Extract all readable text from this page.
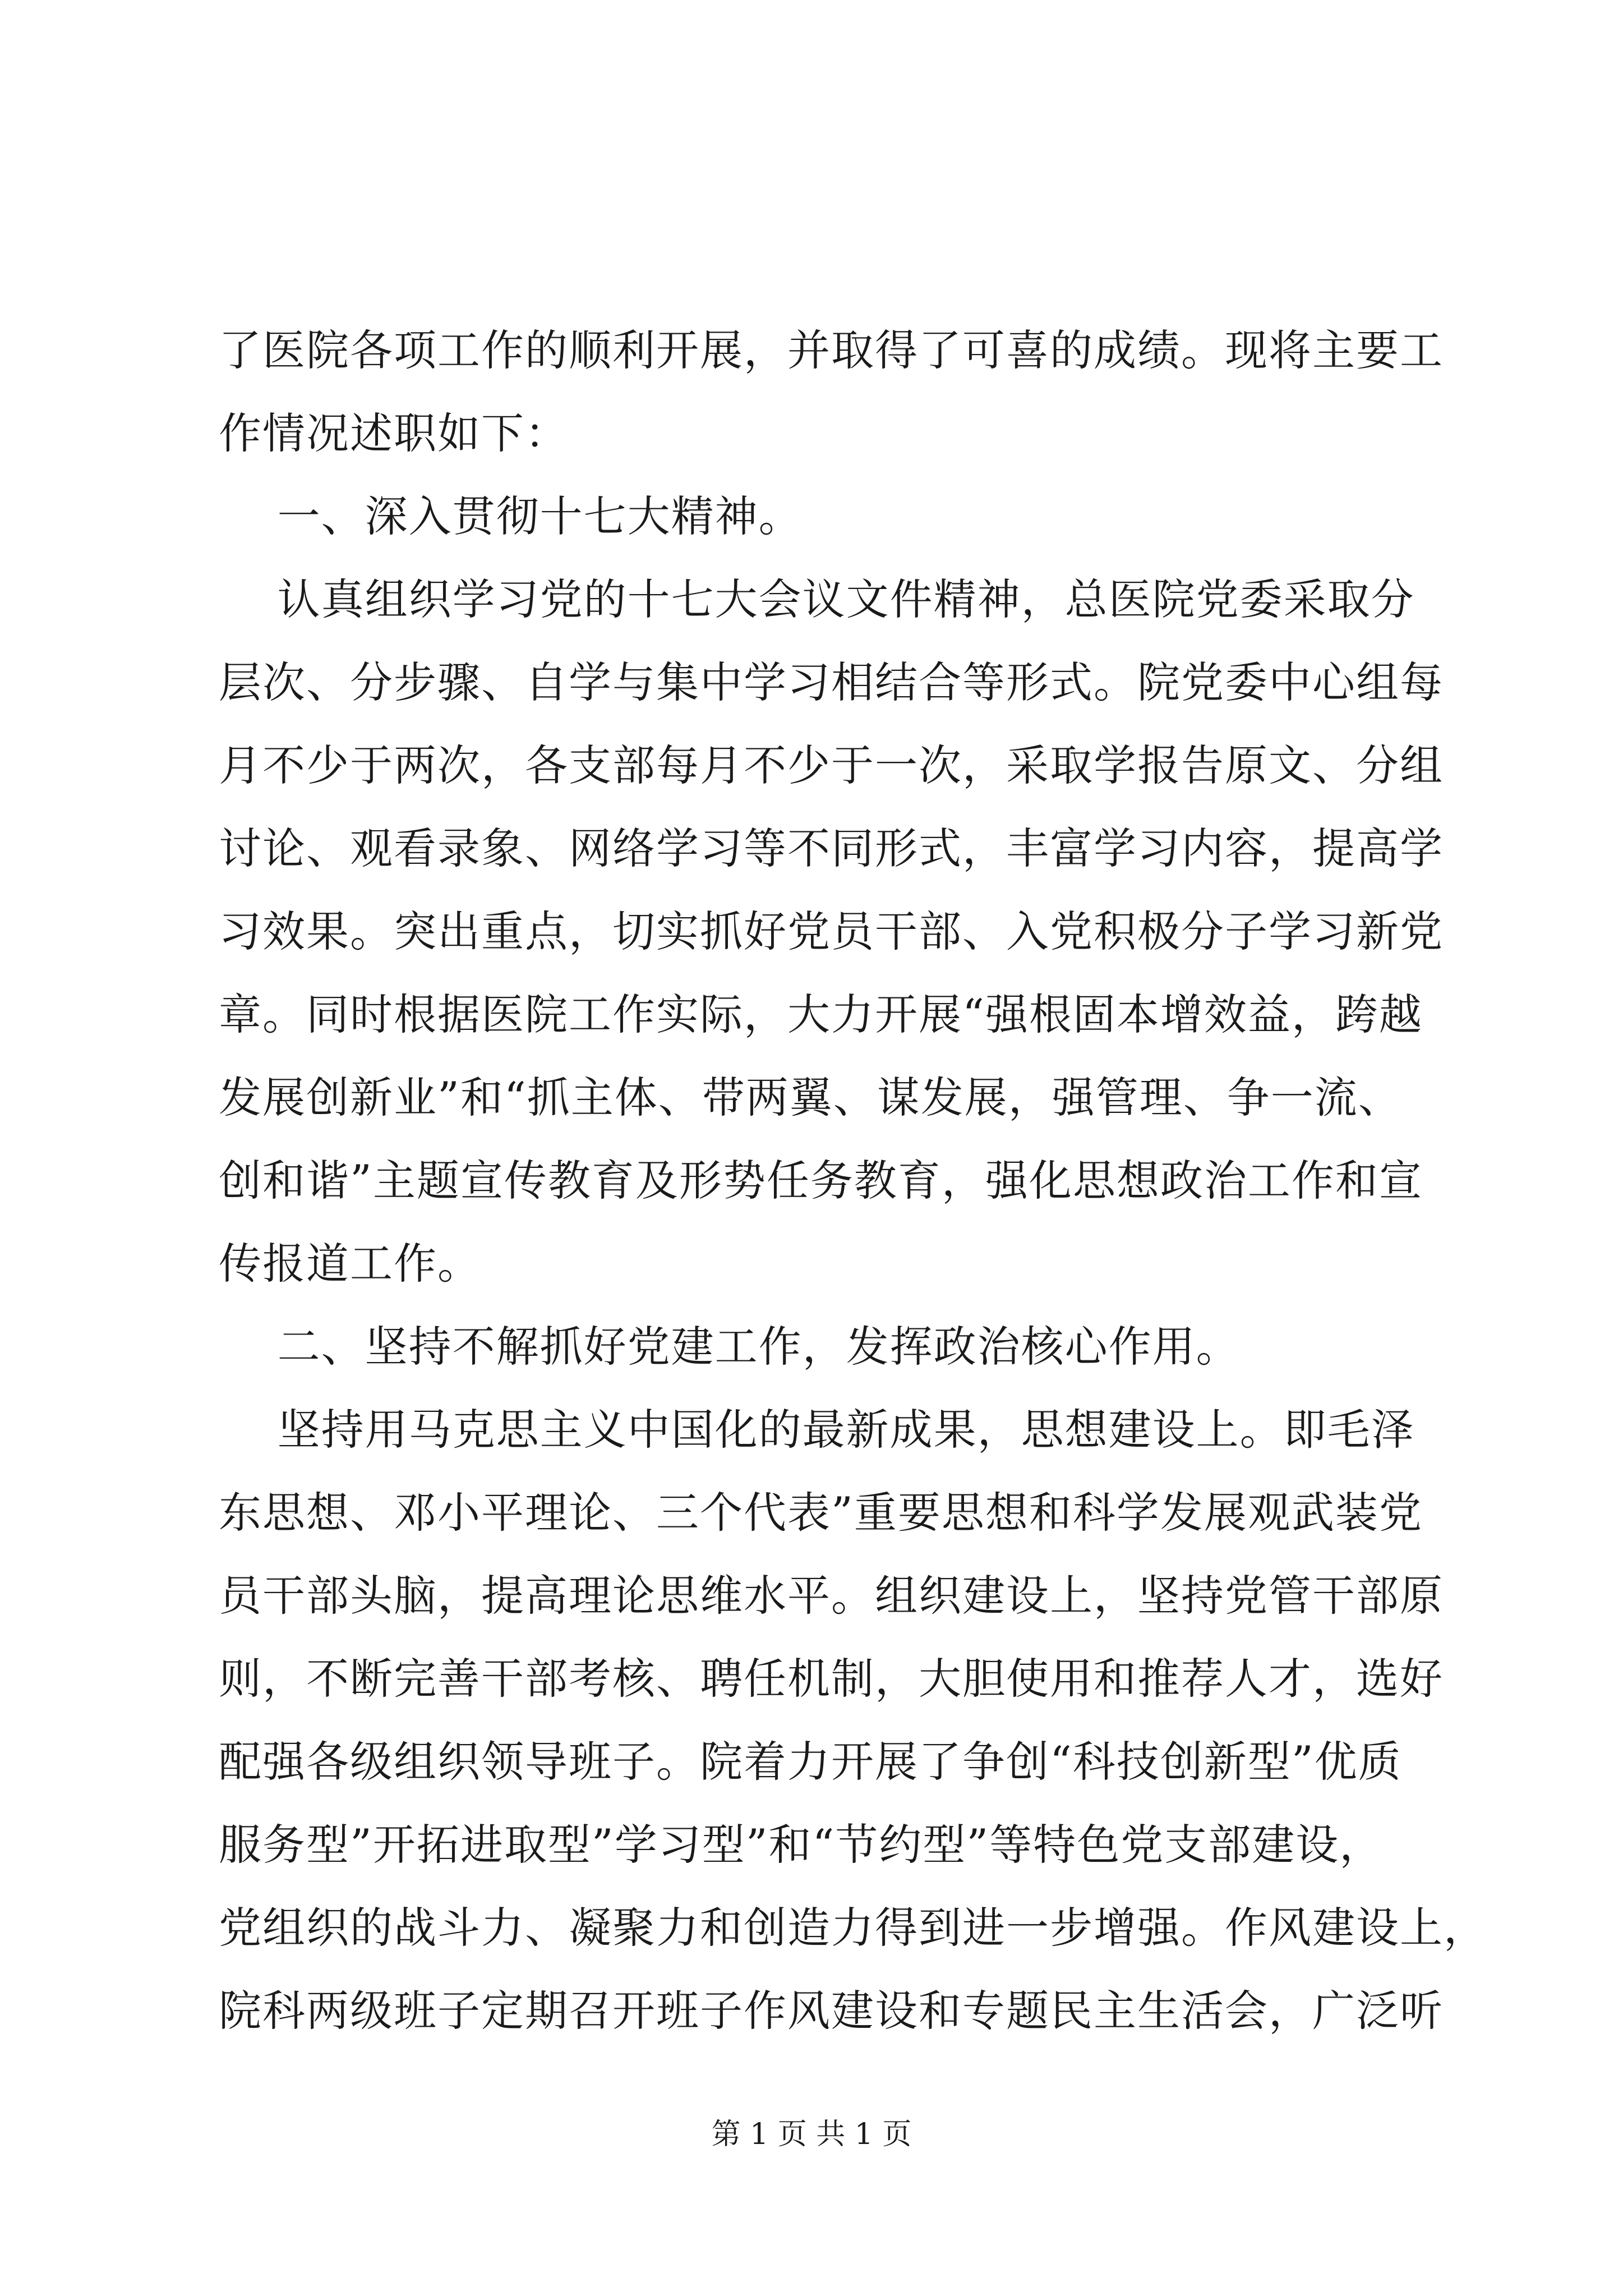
了医院各项工作的顺利开展，并取得了可喜的成绩。现将主要工
作情况述职如下：
一、深入贯彻十七大精神。
认真组织学习党的十七大会议文件精神，总医院党委采取分
层次、分步骤、自学与集中学习相结合等形式。院党委中心组每
月不少于两次，各支部每月不少于一次，采取学报告原文、分组
讨论、观看录象、网络学习等不同形式，丰富学习内容，提高学
习效果。突出重点，切实抓好党员干部、入党积极分子学习新党
章。同时根据医院工作实际，大力开展“强根固本增效益，跨越
发展创新业”和“抓主体、带两翼、谋发展，强管理、争一流、
创和谐”主题宣传教育及形势任务教育，强化思想政治工作和宣
传报道工作。
二、坚持不解抓好党建工作，发挥政治核心作用。
坚持用马克思主义中国化的最新成果，思想建设上。即毛泽
东思想、邓小平理论、三个代表”重要思想和科学发展观武装党
员干部头脑，提高理论思维水平。组织建设上，坚持党管干部原
则，不断完善干部考核、聘任机制，大胆使用和推荐人才，选好
配强各级组织领导班子。院着力开展了争创“科技创新型”优质
服务型”开拓进取型”学习型”和“节约型”等特色党支部建设，
党组织的战斗力、凝聚力和创造力得到进一步增强。作风建设上，
院科两级班子定期召开班子作风建设和专题民主生活会，广泛听
第 1 页 共 1 页
